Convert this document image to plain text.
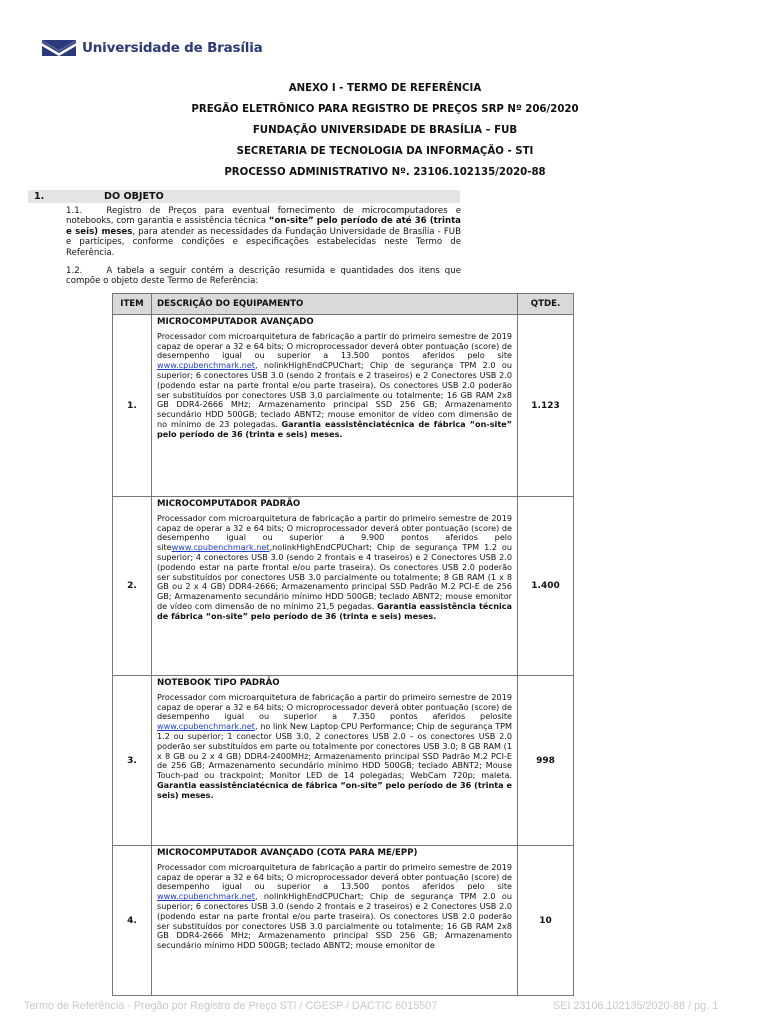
Universidade de Brasília
ANEXO I - TERMO DE REFERÊNCIA
PREGÃO ELETRÔNICO PARA REGISTRO DE PREÇOS SRP Nº 206/2020
FUNDAÇÃO UNIVERSIDADE DE BRASÍLIA – FUB
SECRETARIA DE TECNOLOGIA DA INFORMAÇÃO - STI
PROCESSO ADMINISTRATIVO Nº. 23106.102135/2020-88
1.	DO OBJETO
1.1.	Registro de Preços para eventual fornecimento de microcomputadores e notebooks, com garantia e assistência técnica “on-site” pelo período de até 36 (trinta e seis) meses, para atender as necessidades da Fundação Universidade de Brasília - FUB e partícipes, conforme condições e especificações estabelecidas neste Termo de Referência.
1.2.	A tabela a seguir contém a descrição resumida e quantidades dos itens que compõe o objeto deste Termo de Referência:
ITEM	DESCRIÇÃO DO EQUIPAMENTO	QTDE.
1.	MICROCOMPUTADOR AVANÇADO
Processador com microarquitetura de fabricação a partir do primeiro semestre de 2019 capaz de operar a 32 e 64 bits; O microprocessador deverá obter pontuação (score) de desempenho igual ou superior a 13.500 pontos aferidos pelo site www.cpubenchmark.net, nolinkHighEndCPUChart; Chip de segurança TPM 2.0 ou superior; 6 conectores USB 3.0 (sendo 2 frontais e 2 traseiros) e 2 Conectores USB 2.0 (podendo estar na parte frontal e/ou parte traseira). Os conectores USB 2.0 poderão ser substituídos por conectores USB 3.0 parcialmente ou totalmente; 16 GB RAM 2x8 GB DDR4-2666 MHz; Armazenamento principal SSD 256 GB; Armazenamento secundário HDD 500GB; teclado ABNT2; mouse emonitor de vídeo com dimensão de no mínimo de 23 polegadas. Garantia eassistênciatécnica de fábrica “on-site” pelo período de 36 (trinta e seis) meses.	1.123
2.	MICROCOMPUTADOR PADRÃO
Processador com microarquitetura de fabricação a partir do primeiro semestre de 2019 capaz de operar a 32 e 64 bits; O microprocessador deverá obter pontuação (score) de desempenho igual ou superior a 9.900 pontos aferidos pelo sitewww.cpubenchmark.net,nolinkHighEndCPUChart; Chip de segurança TPM 1.2 ou superior; 4 conectores USB 3.0 (sendo 2 frontais e 4 traseiros) e 2 Conectores USB 2.0 (podendo estar na parte frontal e/ou parte traseira). Os conectores USB 2.0 poderão ser substituídos por conectores USB 3.0 parcialmente ou totalmente; 8 GB RAM (1 x 8 GB ou 2 x 4 GB) DDR4-2666; Armazenamento principal SSD Padrão M.2 PCI-E de 256 GB; Armazenamento secundário mínimo HDD 500GB; teclado ABNT2; mouse emonitor de vídeo com dimensão de no mínimo 21,5 pegadas. Garantia eassistência técnica de fábrica “on-site” pelo período de 36 (trinta e seis) meses.	1.400
3.	NOTEBOOK TIPO PADRÃO
Processador com microarquitetura de fabricação a partir do primeiro semestre de 2019 capaz de operar a 32 e 64 bits; O microprocessador deverá obter pontuação (score) de desempenho igual ou superior a 7.350 pontos aferidos pelosite www.cpubenchmark.net, no link New Laptop CPU Performance; Chip de segurança TPM 1.2 ou superior; 1 conector USB 3.0, 2 conectores USB 2.0 – os conectores USB 2.0 poderão ser substituídos em parte ou totalmente por conectores USB 3.0; 8 GB RAM (1 x 8 GB ou 2 x 4 GB) DDR4-2400MHz; Armazenamento principal SSD Padrão M.2 PCI-E de 256 GB; Armazenamento secundário mínimo HDD 500GB; teclado ABNT2; Mouse Touch-pad ou trackpoint; Monitor LED de 14 polegadas; WebCam 720p; maleta. Garantia eassistênciatécnica de fábrica “on-site” pelo período de 36 (trinta e seis) meses.	998
4.	MICROCOMPUTADOR AVANÇADO (COTA PARA ME/EPP)
Processador com microarquitetura de fabricação a partir do primeiro semestre de 2019 capaz de operar a 32 e 64 bits; O microprocessador deverá obter pontuação (score) de desempenho igual ou superior a 13.500 pontos aferidos pelo site www.cpubenchmark.net, nolinkHighEndCPUChart; Chip de segurança TPM 2.0 ou superior; 6 conectores USB 3.0 (sendo 2 frontais e 2 traseiros) e 2 Conectores USB 2.0 (podendo estar na parte frontal e/ou parte traseira). Os conectores USB 2.0 poderão ser substituídos por conectores USB 3.0 parcialmente ou totalmente; 16 GB RAM 2x8 GB DDR4-2666 MHz; Armazenamento principal SSD 256 GB; Armazenamento secundário mínimo HDD 500GB; teclado ABNT2; mouse emonitor de	10
Termo de Referência - Pregão por Registro de Preço STI / CGESP / DACTIC 6015507	SEI 23106.102135/2020-88 / pg. 1
